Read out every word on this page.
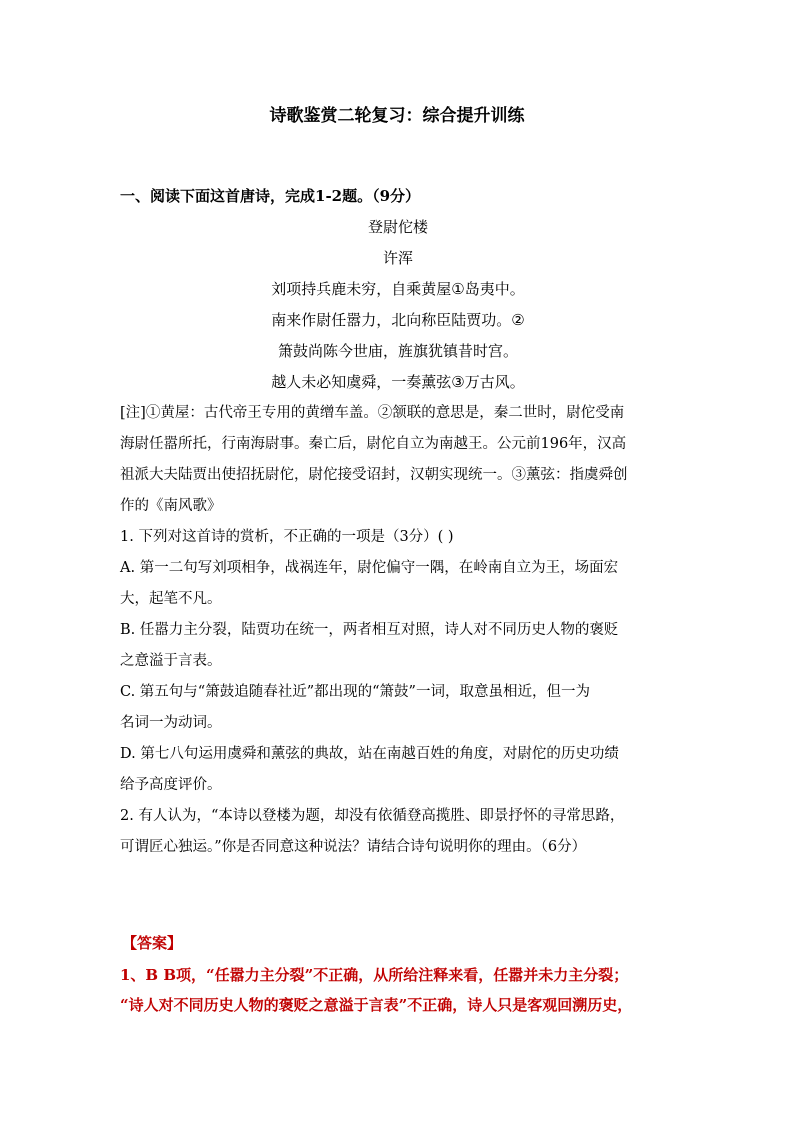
诗歌鉴赏二轮复习：综合提升训练
一、阅读下面这首唐诗，完成1-2题。（9分）
登尉佗楼
许浑
刘项持兵鹿未穷，自乘黄屋①岛夷中。
南来作尉任嚣力，北向称臣陆贾功。②
箫鼓尚陈今世庙，旌旗犹镇昔时宫。
越人未必知虞舜，一奏薰弦③万古风。
[注]①黄屋：古代帝王专用的黄缯车盖。②颔联的意思是，秦二世时，尉佗受南
海尉任嚣所托，行南海尉事。秦亡后，尉佗自立为南越王。公元前196年，汉高
祖派大夫陆贾出使招抚尉佗，尉佗接受诏封，汉朝实现统一。③薰弦：指虞舜创
作的《南风歌》
1. 下列对这首诗的赏析，不正确的一项是（3分）( )
A. 第一二句写刘项相争，战祸连年，尉佗偏守一隅，在岭南自立为王，场面宏
大，起笔不凡。
B. 任嚣力主分裂，陆贾功在统一，两者相互对照，诗人对不同历史人物的褒贬
之意溢于言表。
C. 第五句与“箫鼓追随春社近”都出现的“箫鼓”一词，取意虽相近，但一为
名词一为动词。
D. 第七八句运用虞舜和薰弦的典故，站在南越百姓的角度，对尉佗的历史功绩
给予高度评价。
2. 有人认为，“本诗以登楼为题，却没有依循登高揽胜、即景抒怀的寻常思路，
可谓匠心独运。”你是否同意这种说法？请结合诗句说明你的理由。（6分）
【答案】
1、B B项，“任嚣力主分裂”不正确，从所给注释来看，任嚣并未力主分裂；
“诗人对不同历史人物的褒贬之意溢于言表”不正确，诗人只是客观回溯历史，
